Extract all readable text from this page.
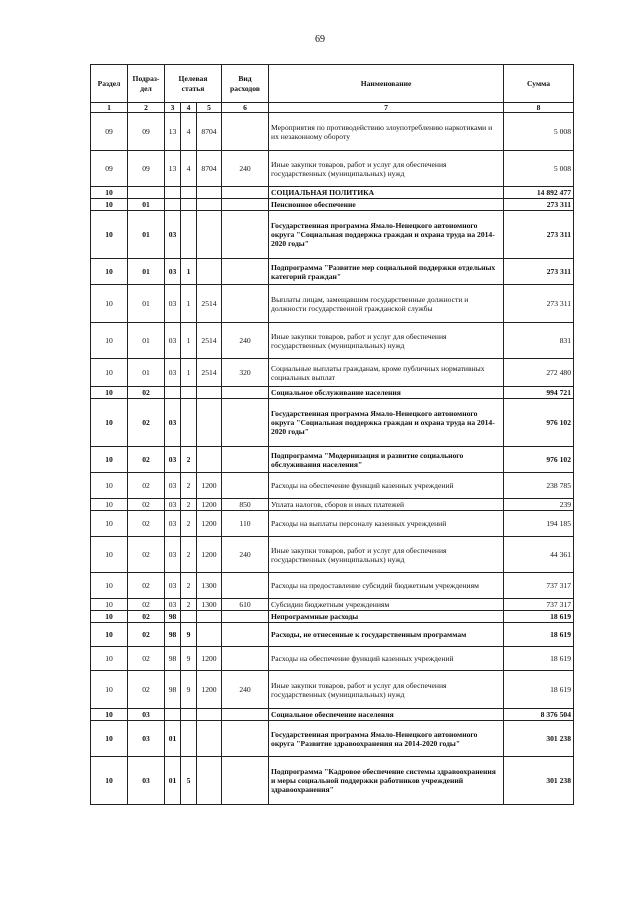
69
Раздел	Подраз-дел	Целевая статья			Вид расходов	Наименование	Сумма
1	2	3	4	5	6	7	8
09	09	13	4	8704		Мероприятия по противодействию злоупотреблению наркотиками и их незаконному обороту	5 008
09	09	13	4	8704	240	Иные закупки товаров, работ и услуг для обеспечения государственных (муниципальных) нужд	5 008
10						СОЦИАЛЬНАЯ ПОЛИТИКА	14 892 477
10	01					Пенсионное обеспечение	273 311
10	01	03				Государственная программа Ямало-Ненецкого автономного округа "Социальная поддержка граждан и охрана труда на 2014-2020 годы"	273 311
10	01	03	1			Подпрограмма "Развитие мер социальной поддержки отдельных категорий граждан"	273 311
10	01	03	1	2514		Выплаты лицам, замещавшим государственные должности и должности государственной гражданской службы	273 311
10	01	03	1	2514	240	Иные закупки товаров, работ и услуг для обеспечения государственных (муниципальных) нужд	831
10	01	03	1	2514	320	Социальные выплаты гражданам, кроме публичных нормативных социальных выплат	272 480
10	02					Социальное обслуживание населения	994 721
10	02	03				Государственная программа Ямало-Ненецкого автономного округа "Социальная поддержка граждан и охрана труда на 2014-2020 годы"	976 102
10	02	03	2			Подпрограмма "Модернизация и развитие социального обслуживания населения"	976 102
10	02	03	2	1200		Расходы на обеспечение функций казенных учреждений	238 785
10	02	03	2	1200	850	Уплата налогов, сборов и иных платежей	239
10	02	03	2	1200	110	Расходы на выплаты персоналу казенных учреждений	194 185
10	02	03	2	1200	240	Иные закупки товаров, работ и услуг для обеспечения государственных (муниципальных) нужд	44 361
10	02	03	2	1300		Расходы на предоставление субсидий бюджетным учреждениям	737 317
10	02	03	2	1300	610	Субсидии бюджетным учреждениям	737 317
10	02	98				Непрограммные расходы	18 619
10	02	98	9			Расходы, не отнесенные к государственным программам	18 619
10	02	98	9	1200		Расходы на обеспечение функций казенных учреждений	18 619
10	02	98	9	1200	240	Иные закупки товаров, работ и услуг для обеспечения государственных (муниципальных) нужд	18 619
10	03					Социальное обеспечение населения	8 376 504
10	03	01				Государственная программа Ямало-Ненецкого автономного округа "Развитие здравоохранения на 2014-2020 годы"	301 238
10	03	01	5			Подпрограмма "Кадровое обеспечение системы здравоохранения и меры социальной поддержки работников учреждений здравоохранения"	301 238
